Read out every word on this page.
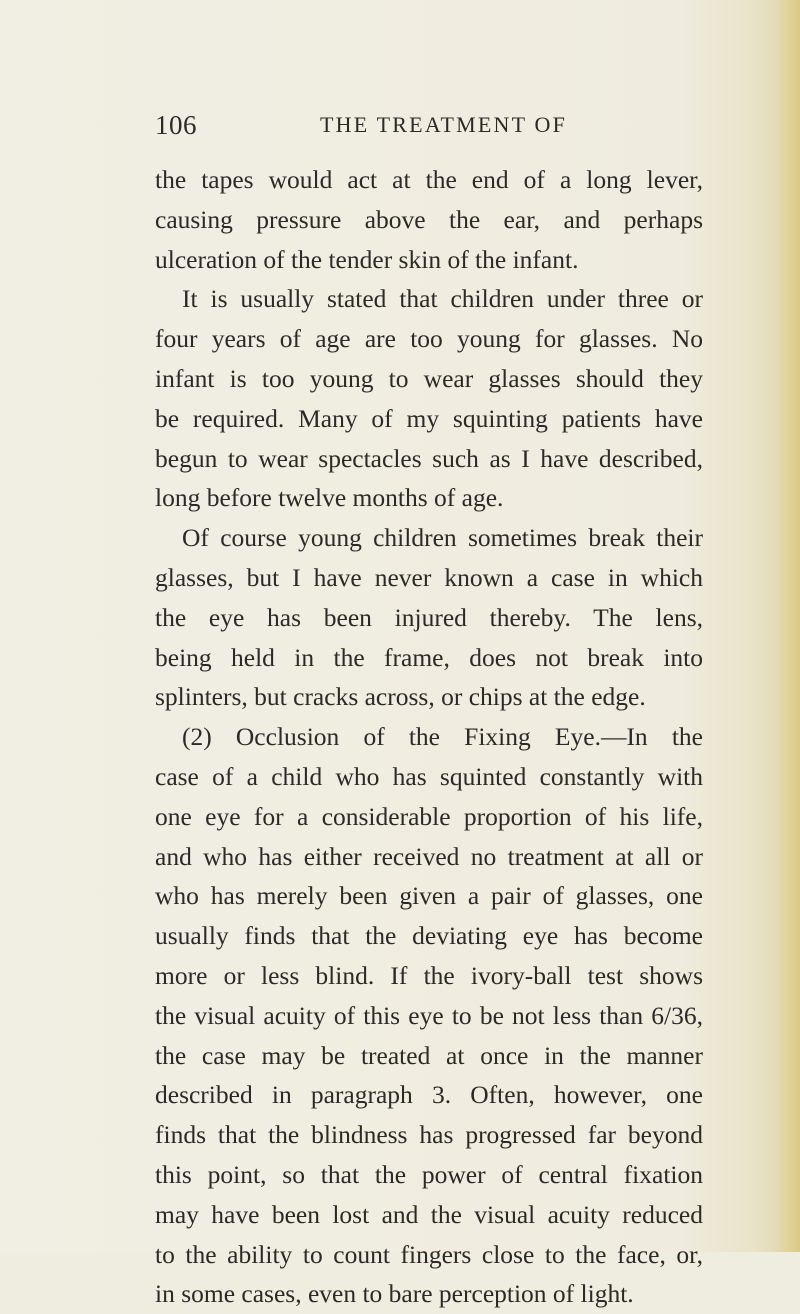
106	THE TREATMENT OF
the tapes would act at the end of a long lever,
causing pressure above the ear, and perhaps
ulceration of the tender skin of the infant.
It is usually stated that children under three or
four years of age are too young for glasses. No
infant is too young to wear glasses should they
be required. Many of my squinting patients have
begun to wear spectacles such as I have described,
long before twelve months of age.
Of course young children sometimes break their
glasses, but I have never known a case in which
the eye has been injured thereby. The lens,
being held in the frame, does not break into
splinters, but cracks across, or chips at the edge.
(2) Occlusion of the Fixing Eye.—In the
case of a child who has squinted constantly with
one eye for a considerable proportion of his life,
and who has either received no treatment at all or
who has merely been given a pair of glasses, one
usually finds that the deviating eye has become
more or less blind. If the ivory-ball test shows
the visual acuity of this eye to be not less than 6/36,
the case may be treated at once in the manner
described in paragraph 3. Often, however, one
finds that the blindness has progressed far beyond
this point, so that the power of central fixation
may have been lost and the visual acuity reduced
to the ability to count fingers close to the face, or,
in some cases, even to bare perception of light.
